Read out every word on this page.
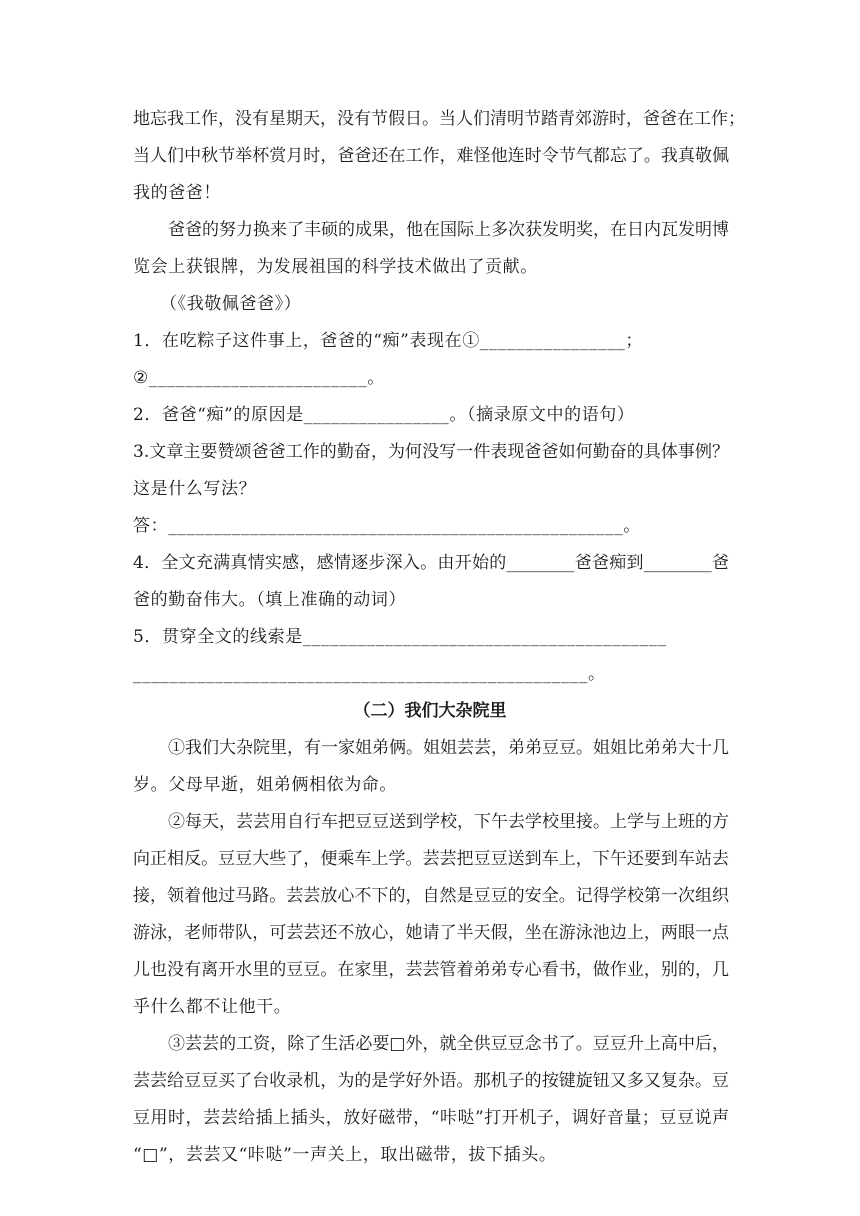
地忘我工作，没有星期天，没有节假日。当人们清明节踏青郊游时，爸爸在工作；
当人们中秋节举杯赏月时，爸爸还在工作，难怪他连时令节气都忘了。我真敬佩
我的爸爸！
爸爸的努力换来了丰硕的成果，他在国际上多次获发明奖，在日内瓦发明博
览会上获银牌，为发展祖国的科学技术做出了贡献。
（《我敬佩爸爸》）
1．在吃粽子这件事上，爸爸的“痴”表现在①________________；
②________________________。
2．爸爸“痴”的原因是________________。（摘录原文中的语句）
3.文章主要赞颂爸爸工作的勤奋，为何没写一件表现爸爸如何勤奋的具体事例？
这是什么写法？
答：__________________________________________________。
4．全文充满真情实感，感情逐步深入。由开始的________爸爸痴到________爸
爸的勤奋伟大。（填上准确的动词）
5．贯穿全文的线索是________________________________________
__________________________________________________。
（二）我们大杂院里
①我们大杂院里，有一家姐弟俩。姐姐芸芸，弟弟豆豆。姐姐比弟弟大十几
岁。父母早逝，姐弟俩相依为命。
②每天，芸芸用自行车把豆豆送到学校，下午去学校里接。上学与上班的方
向正相反。豆豆大些了，便乘车上学。芸芸把豆豆送到车上，下午还要到车站去
接，领着他过马路。芸芸放心不下的，自然是豆豆的安全。记得学校第一次组织
游泳，老师带队，可芸芸还不放心，她请了半天假，坐在游泳池边上，两眼一点
儿也没有离开水里的豆豆。在家里，芸芸管着弟弟专心看书，做作业，别的，几
乎什么都不让他干。
③芸芸的工资，除了生活必要□外，就全供豆豆念书了。豆豆升上高中后，
芸芸给豆豆买了台收录机，为的是学好外语。那机子的按键旋钮又多又复杂。豆
豆用时，芸芸给插上插头，放好磁带，“咔哒”打开机子，调好音量；豆豆说声
“□”，芸芸又“咔哒”一声关上，取出磁带，拔下插头。
